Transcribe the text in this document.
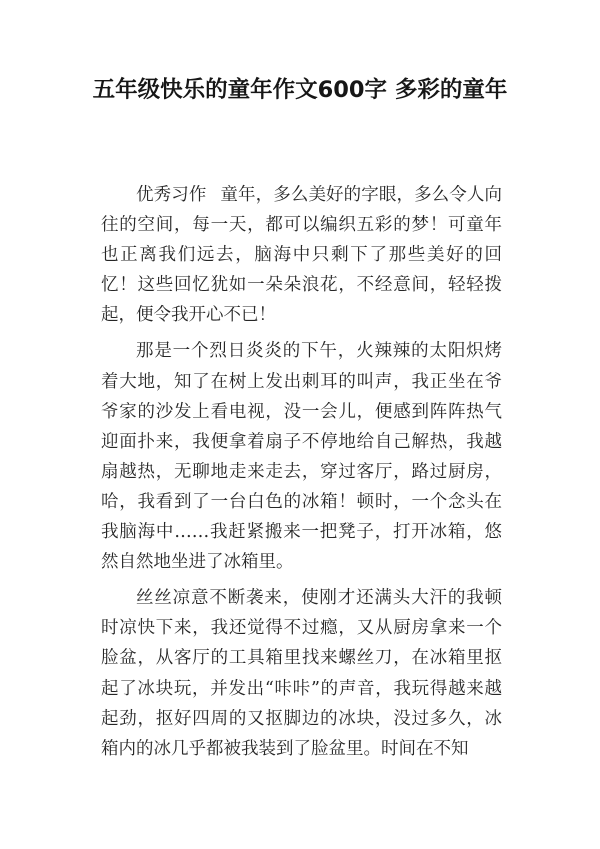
五年级快乐的童年作文600字 多彩的童年

优秀习作 童年，多么美好的字眼，多么令人向往的空间，每一天，都可以编织五彩的梦！可童年也正离我们远去，脑海中只剩下了那些美好的回忆！这些回忆犹如一朵朵浪花，不经意间，轻轻拨起，便令我开心不已！

那是一个烈日炎炎的下午，火辣辣的太阳炽烤着大地，知了在树上发出刺耳的叫声，我正坐在爷爷家的沙发上看电视，没一会儿，便感到阵阵热气迎面扑来，我便拿着扇子不停地给自己解热，我越扇越热，无聊地走来走去，穿过客厅，路过厨房，哈，我看到了一台白色的冰箱！顿时，一个念头在我脑海中……我赶紧搬来一把凳子，打开冰箱，悠然自然地坐进了冰箱里。

丝丝凉意不断袭来，使刚才还满头大汗的我顿时凉快下来，我还觉得不过瘾，又从厨房拿来一个脸盆，从客厅的工具箱里找来螺丝刀，在冰箱里抠起了冰块玩，并发出“咔咔”的声音，我玩得越来越起劲，抠好四周的又抠脚边的冰块，没过多久，冰箱内的冰几乎都被我装到了脸盆里。时间在不知
